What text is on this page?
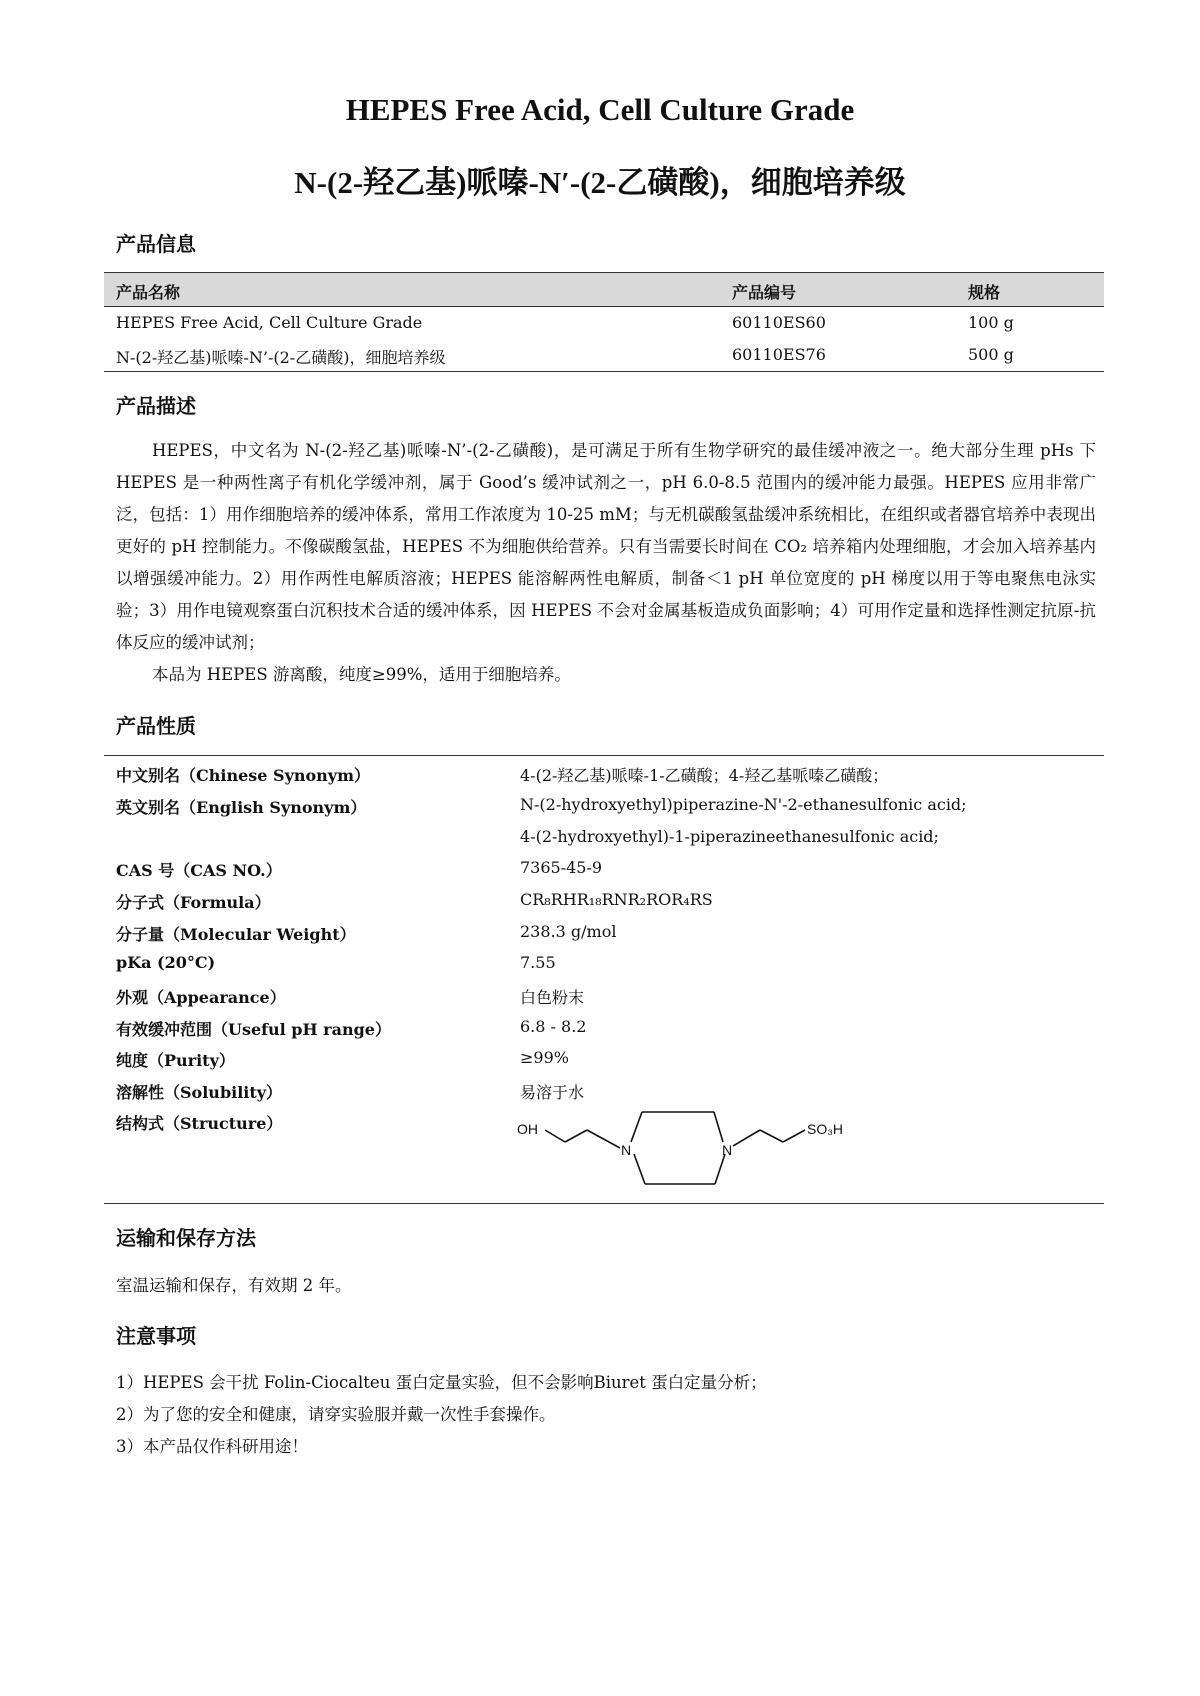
HEPES Free Acid, Cell Culture Grade
N-(2-羟乙基)哌嗪-N′-(2-乙磺酸)，细胞培养级
产品信息
产品名称	产品编号	规格
HEPES Free Acid, Cell Culture Grade	60110ES60	100 g
N-(2-羟乙基)哌嗪-N’-(2-乙磺酸)，细胞培养级	60110ES76	500 g
产品描述

HEPES，中文名为 N-(2-羟乙基)哌嗪-N’-(2-乙磺酸)，是可满足于所有生物学研究的最佳缓冲液之一。绝大部分生理 pHs 下 HEPES 是一种两性离子有机化学缓冲剂，属于 Good’s 缓冲试剂之一，pH 6.0-8.5 范围内的缓冲能力最强。HEPES 应用非常广泛，包括：1）用作细胞培养的缓冲体系，常用工作浓度为 10-25 mM；与无机碳酸氢盐缓冲系统相比，在组织或者器官培养中表现出更好的 pH 控制能力。不像碳酸氢盐，HEPES 不为细胞供给营养。只有当需要长时间在 CO₂ 培养箱内处理细胞，才会加入培养基内以增强缓冲能力。2）用作两性电解质溶液；HEPES 能溶解两性电解质，制备＜1 pH 单位宽度的 pH 梯度以用于等电聚焦电泳实验；3）用作电镜观察蛋白沉积技术合适的缓冲体系，因 HEPES 不会对金属基板造成负面影响；4）可用作定量和选择性测定抗原-抗体反应的缓冲试剂；

本品为 HEPES 游离酸，纯度≥99%，适用于细胞培养。

产品性质
中文别名（Chinese Synonym）	4-(2-羟乙基)哌嗪-1-乙磺酸；4-羟乙基哌嗪乙磺酸；
英文别名（English Synonym）	N-(2-hydroxyethyl)piperazine-N'-2-ethanesulfonic acid;
4-(2-hydroxyethyl)-1-piperazineethanesulfonic acid;
CAS 号（CAS NO.）	7365-45-9
分子式（Formula）	CR₈RHR₁₈RNR₂ROR₄RS
分子量（Molecular Weight）	238.3 g/mol
pKa (20°C)	7.55
外观（Appearance）	白色粉末
有效缓冲范围（Useful pH range）	6.8 - 8.2
纯度（Purity）	≥99%
溶解性（Solubility）	易溶于水
结构式（Structure）	OH
N	N
SO₃H
运输和保存方法
室温运输和保存，有效期 2 年。
注意事项
1）HEPES 会干扰 Folin-Ciocalteu 蛋白定量实验，但不会影响Biuret 蛋白定量分析；
2）为了您的安全和健康，请穿实验服并戴一次性手套操作。
3）本产品仅作科研用途！
